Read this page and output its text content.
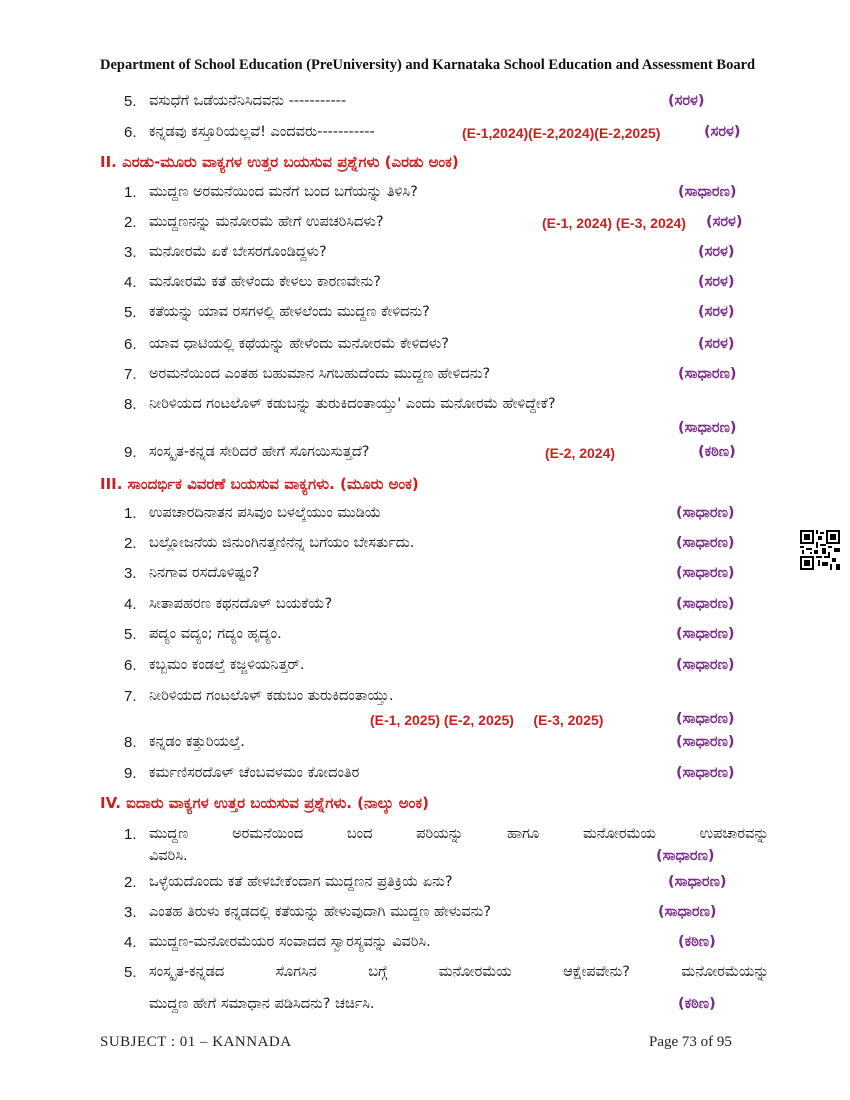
Department of School Education (PreUniversity) and Karnataka School Education and Assessment Board
5. ವಸುಧೆಗೆ ಒಡೆಯನೆನಿಸಿದವನು -----------	(ಸರಳ)
6. ಕನ್ನಡವು ಕಸ್ತೂರಿಯಲ್ಲವೆ! ಎಂದವರು-----------	(E-1,2024)(E-2,2024)(E-2,2025)	(ಸರಳ)
II. ಎರಡು-ಮೂರು ವಾಕ್ಯಗಳ ಉತ್ತರ ಬಯಸುವ ಪ್ರಶ್ನೆಗಳು (ಎರಡು ಅಂಕ)
1. ಮುದ್ದಣ ಅರಮನೆಯಿಂದ ಮನೆಗೆ ಬಂದ ಬಗೆಯನ್ನು ತಿಳಿಸಿ?	(ಸಾಧಾರಣ)
2. ಮುದ್ದಣನನ್ನು ಮನೋರಮೆ ಹೇಗೆ ಉಪಚರಿಸಿದಳು?	(E-1, 2024) (E-3, 2024) (ಸರಳ)
3. ಮನೋರಮೆ ಏಕೆ ಬೇಸರಗೊಂಡಿದ್ದಳು?	(ಸರಳ)
4. ಮನೋರಮೆ ಕತೆ ಹೇಳೆಂದು ಕೇಳಲು ಕಾರಣವೇನು?	(ಸರಳ)
5. ಕತೆಯನ್ನು ಯಾವ ರಸಗಳಲ್ಲಿ ಹೇಳಲೆಂದು ಮುದ್ದಣ ಕೇಳಿದನು?	(ಸರಳ)
6. ಯಾವ ಧಾಟಿಯಲ್ಲಿ ಕಥೆಯನ್ನು ಹೇಳೆಂದು ಮನೋರಮೆ ಕೇಳಿದಳು?	(ಸರಳ)
7. ಅರಮನೆಯಿಂದ ಎಂತಹ ಬಹುಮಾನ ಸಿಗಬಹುದೆಂದು ಮುದ್ದಣ ಹೇಳಿದನು?	(ಸಾಧಾರಣ)
8. ನೀರಿಳಿಯದ ಗಂಟಲೊಳ್ ಕಡುಬನ್ನು ತುರುಕಿದಂತಾಯ್ತು' ಎಂದು ಮನೋರಮೆ ಹೇಳಿದ್ದೇಕೆ?
(ಸಾಧಾರಣ)
9. ಸಂಸ್ಕೃತ-ಕನ್ನಡ ಸೇರಿದರೆ ಹೇಗೆ ಸೊಗಯಿಸುತ್ತದೆ?	(E-2, 2024)	(ಕಠಿಣ)
III. ಸಾಂದರ್ಭಿಕ ವಿವರಣೆ ಬಯಸುವ ವಾಕ್ಯಗಳು. (ಮೂರು ಅಂಕ)
1. ಉಪಚಾರದಿನಾತನ ಪಸಿವುಂ ಬಳಲ್ಕೆಯುಂ ಮುಡಿಯೆ	(ಸಾಧಾರಣ)
2. ಬಲ್ಲೋಜನೆಯ ಜಿನುಂಗಿನತ್ತಣಿನೆನ್ನ ಬಗೆಯಂ ಬೇಸರ್ತುದು.	(ಸಾಧಾರಣ)
3. ನಿನಗಾವ ರಸದೊಳಿಷ್ಟಂ?	(ಸಾಧಾರಣ)
4. ಸೀತಾಪಹರಣ ಕಥನದೊಳ್ ಬಯಕೆಯೆ?	(ಸಾಧಾರಣ)
5. ಪದ್ಯಂ ವದ್ಯಂ; ಗದ್ಯಂ ಹೃದ್ಯಂ.	(ಸಾಧಾರಣ)
6. ಕಬ್ಬಮಂ ಕಂಡಲ್ತೆ ಕಜ್ಜಳಿಯನಿತ್ತರ್.	(ಸಾಧಾರಣ)
7. ನೀರಿಳಿಯದ ಗಂಟಲೊಳ್ ಕಡುಬಂ ತುರುಕಿದಂತಾಯ್ತು.
(E-1, 2025) (E-2, 2025)     (E-3, 2025)	(ಸಾಧಾರಣ)
8. ಕನ್ನಡಂ ಕತ್ತುರಿಯಲ್ತೆ.	(ಸಾಧಾರಣ)
9. ಕರ್ಮಣಿಸರದೊಳ್ ಚೆಂಬವಳಮಂ ಕೋದಂತಿರ	(ಸಾಧಾರಣ)
IV. ಐದಾರು ವಾಕ್ಯಗಳ ಉತ್ತರ ಬಯಸುವ ಪ್ರಶ್ನೆಗಳು. (ನಾಲ್ಕು ಅಂಕ)
1. ಮುದ್ದಣ ಅರಮನೆಯಿಂದ ಬಂದ ಪರಿಯನ್ನು ಹಾಗೂ ಮನೋರಮೆಯ ಉಪಚಾರವನ್ನು
ವಿವರಿಸಿ.	(ಸಾಧಾರಣ)
2. ಒಳ್ಳೆಯದೊಂದು ಕತೆ ಹೇಳಬೇಕೆಂದಾಗ ಮುದ್ದಣನ ಪ್ರತಿಕ್ರಿಯೆ ಏನು?	(ಸಾಧಾರಣ)
3. ಎಂತಹ ತಿರುಳು ಕನ್ನಡದಲ್ಲಿ ಕತೆಯನ್ನು ಹೇಳುವುದಾಗಿ ಮುದ್ದಣ ಹೇಳುವನು?	(ಸಾಧಾರಣ)
4. ಮುದ್ದಣ-ಮನೋರಮೆಯರ ಸಂವಾದದ ಸ್ವಾರಸ್ಯವನ್ನು ವಿವರಿಸಿ.	(ಕಠಿಣ)
5. ಸಂಸ್ಕೃತ-ಕನ್ನಡದ ಸೊಗಸಿನ ಬಗ್ಗೆ ಮನೋರಮೆಯ ಆಕ್ಷೇಪವೇನು? ಮನೋರಮೆಯನ್ನು
ಮುದ್ದಣ ಹೇಗೆ ಸಮಾಧಾನ ಪಡಿಸಿದನು? ಚರ್ಚಿಸಿ.	(ಕಠಿಣ)
SUBJECT : 01 – KANNADA	Page 73 of 95
